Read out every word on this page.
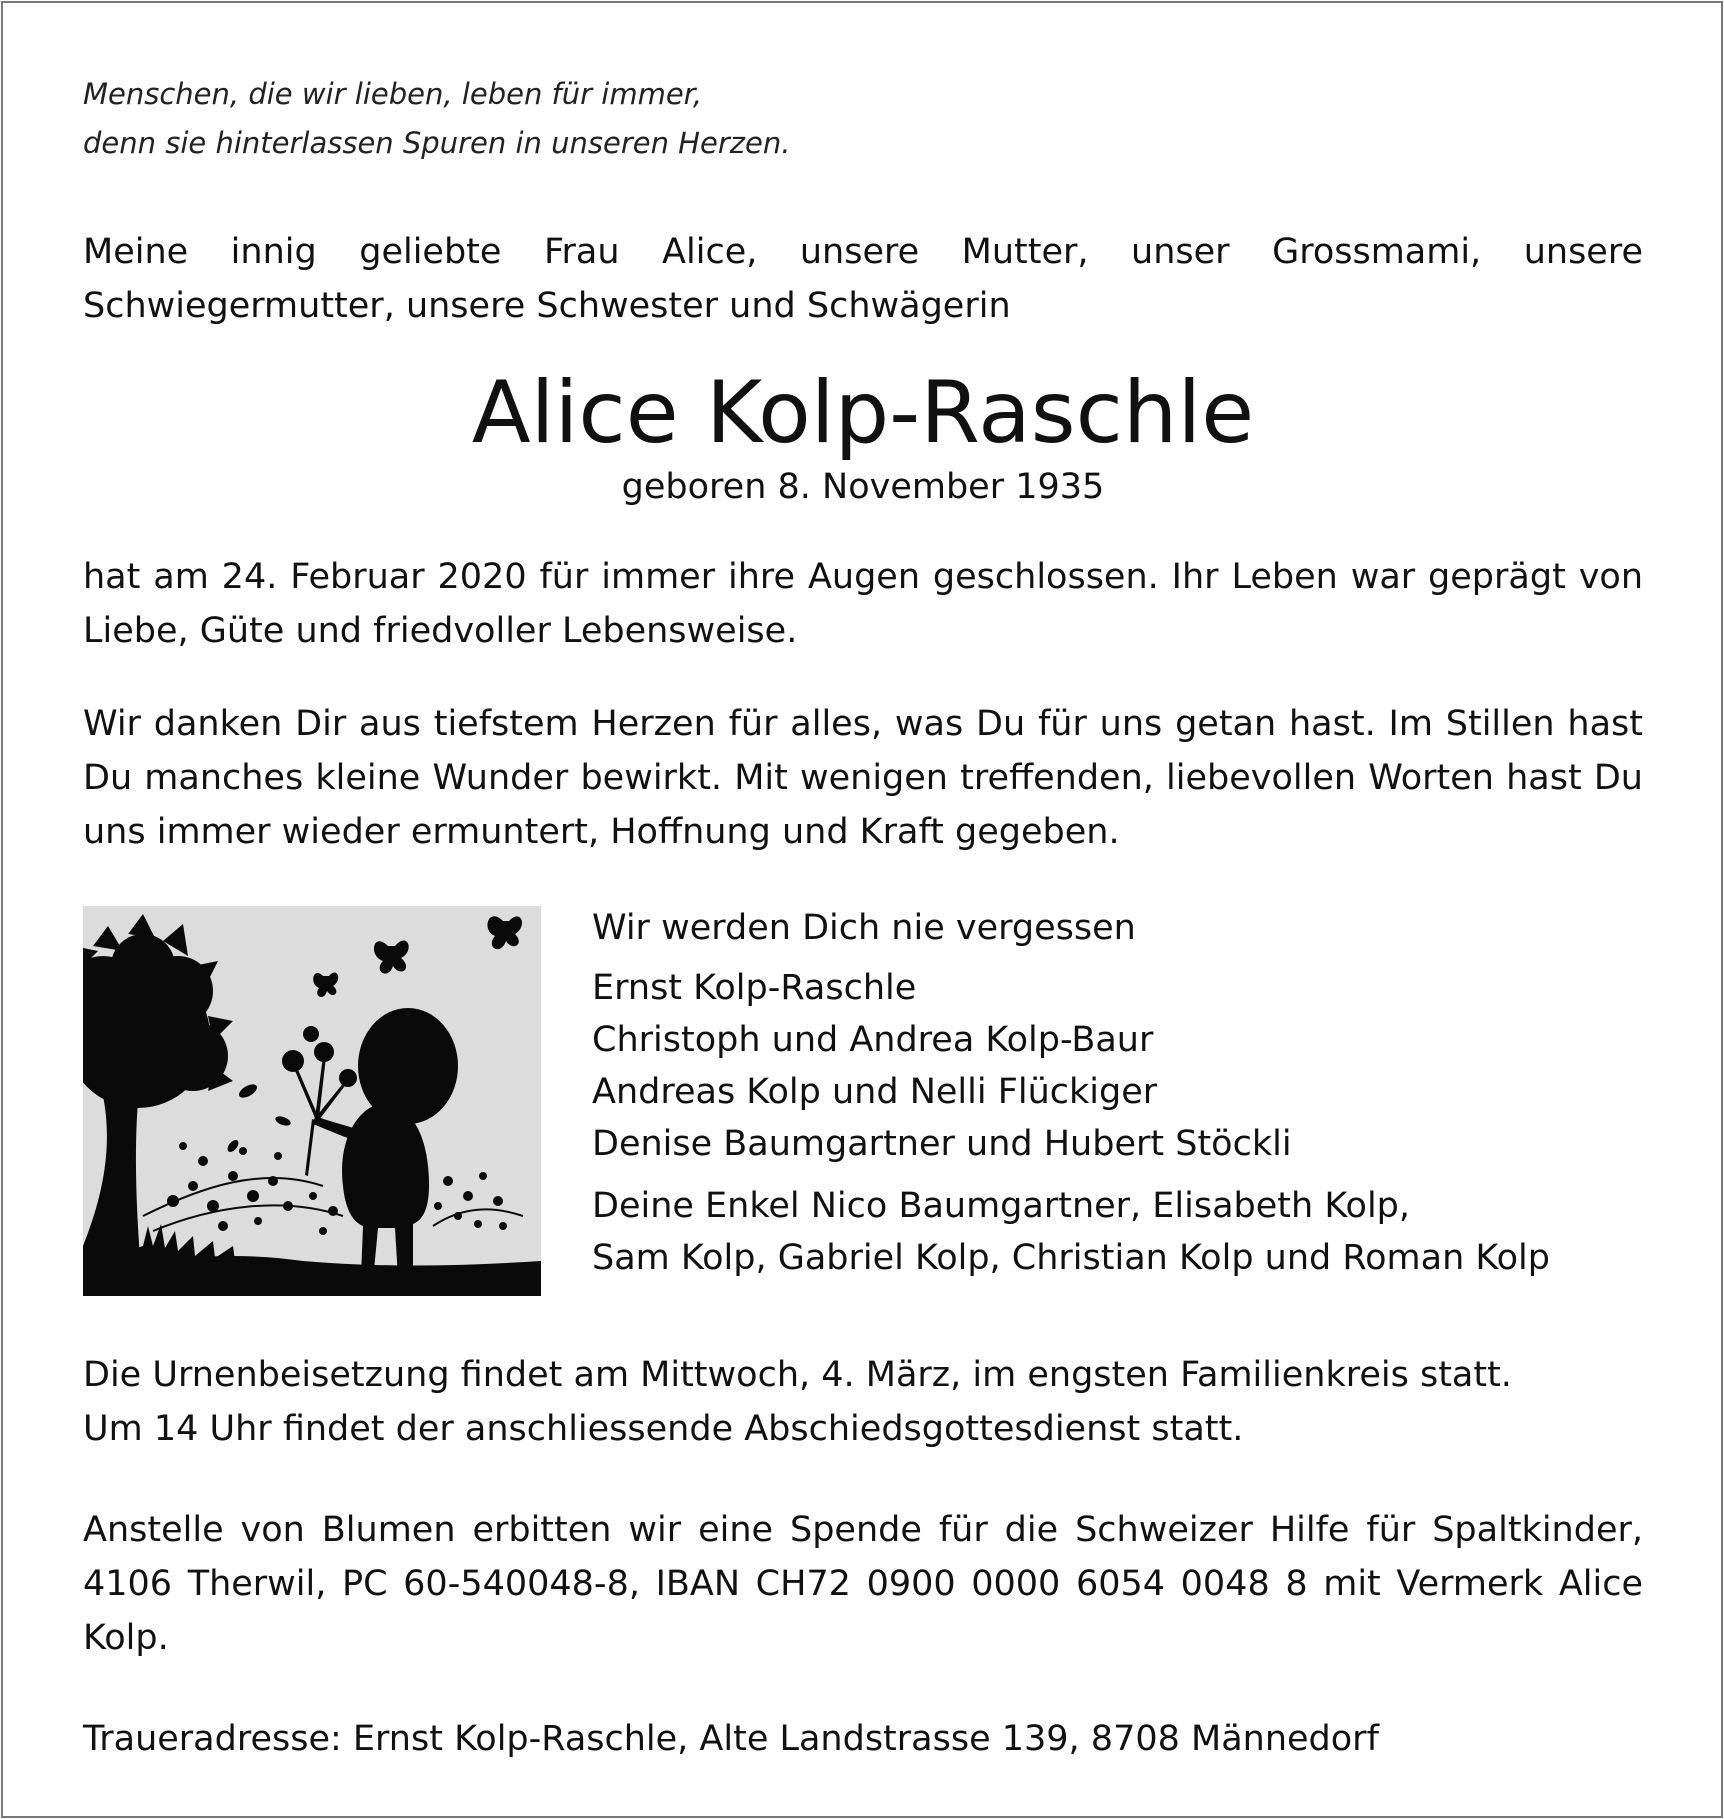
Menschen, die wir lieben, leben für immer,
denn sie hinterlassen Spuren in unseren Herzen.

Meine innig geliebte Frau Alice, unsere Mutter, unser Grossmami, unsere Schwiegermutter, unsere Schwester und Schwägerin

Alice Kolp-Raschle

geboren 8. November 1935

hat am 24. Februar 2020 für immer ihre Augen geschlossen. Ihr Leben war geprägt von Liebe, Güte und friedvoller Lebensweise.

Wir danken Dir aus tiefstem Herzen für alles, was Du für uns getan hast. Im Stillen hast Du manches kleine Wunder bewirkt. Mit wenigen treffenden, liebevollen Worten hast Du uns immer wieder ermuntert, Hoffnung und Kraft gegeben.

Wir werden Dich nie vergessen

Ernst Kolp-Raschle
Christoph und Andrea Kolp-Baur
Andreas Kolp und Nelli Flückiger
Denise Baumgartner und Hubert Stöckli

Deine Enkel Nico Baumgartner, Elisabeth Kolp,
Sam Kolp, Gabriel Kolp, Christian Kolp und Roman Kolp

Die Urnenbeisetzung findet am Mittwoch, 4. März, im engsten Familienkreis statt.
Um 14 Uhr findet der anschliessende Abschiedsgottesdienst statt.

Anstelle von Blumen erbitten wir eine Spende für die Schweizer Hilfe für Spaltkinder, 4106 Therwil, PC 60-540048-8, IBAN CH72 0900 0000 6054 0048 8 mit Vermerk Alice Kolp.

Traueradresse: Ernst Kolp-Raschle, Alte Landstrasse 139, 8708 Männedorf
